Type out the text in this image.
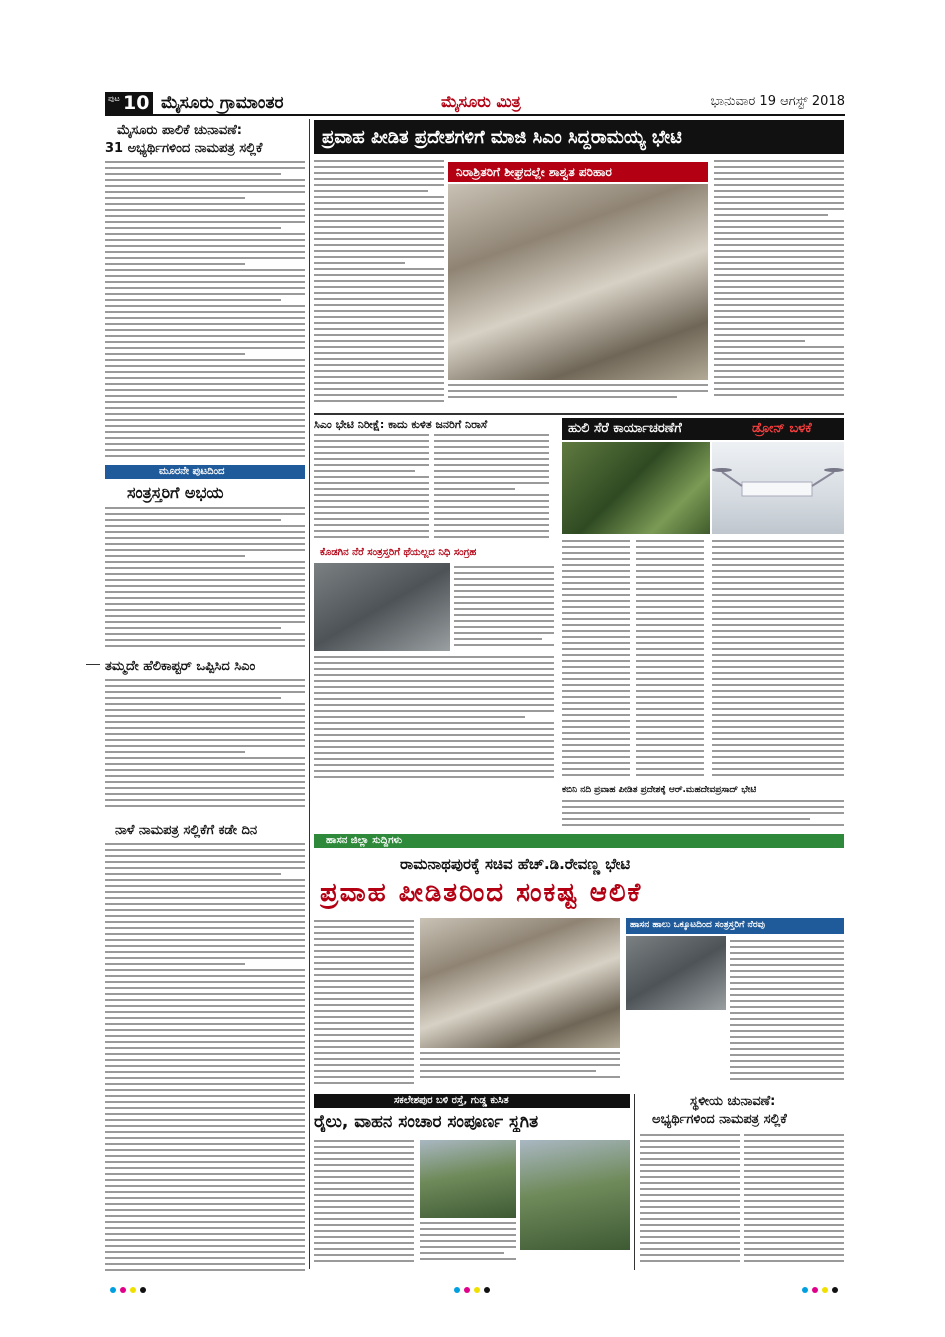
ಪುಟ 10 ಮೈಸೂರು ಗ್ರಾಮಾಂತರ	ಮೈಸೂರು ಮಿತ್ರ	ಭಾನುವಾರ 19 ಆಗಸ್ಟ್ 2018
ಮೈಸೂರು ಪಾಲಿಕೆ ಚುನಾವಣೆ:
31 ಅಭ್ಯರ್ಥಿಗಳಿಂದ ನಾಮಪತ್ರ ಸಲ್ಲಿಕೆ
ಮೂರನೇ ಪುಟದಿಂದ
ಸಂತ್ರಸ್ತರಿಗೆ ಅಭಯ
ತಮ್ಮದೇ ಹೆಲಿಕಾಪ್ಟರ್ ಒಪ್ಪಿಸಿದ ಸಿಎಂ
ನಾಳೆ ನಾಮಪತ್ರ ಸಲ್ಲಿಕೆಗೆ ಕಡೇ ದಿನ
ಪ್ರವಾಹ ಪೀಡಿತ ಪ್ರದೇಶಗಳಿಗೆ ಮಾಜಿ ಸಿಎಂ ಸಿದ್ದರಾಮಯ್ಯ ಭೇಟಿ
ನಿರಾಶ್ರಿತರಿಗೆ ಶೀಘ್ರದಲ್ಲೇ ಶಾಶ್ವತ ಪರಿಹಾರ
ಸಿಎಂ ಭೇಟಿ ನಿರೀಕ್ಷೆ: ಕಾದು ಕುಳಿತ ಜನರಿಗೆ ನಿರಾಸೆ
ಕೊಡಗಿನ ನೆರೆ ಸಂತ್ರಸ್ತರಿಗೆ ಥೆಯಲ್ಲದ ನಿಧಿ ಸಂಗ್ರಹ
ಹುಲಿ ಸೆರೆ ಕಾರ್ಯಾಚರಣೆಗೆ	ಡ್ರೋನ್ ಬಳಕೆ
ಕಬಿನಿ ನದಿ ಪ್ರವಾಹ ಪೀಡಿತ ಪ್ರದೇಶಕ್ಕೆ ಆರ್.ಮಹದೇವಪ್ರಸಾದ್ ಭೇಟಿ
ಹಾಸನ ಜಿಲ್ಲಾ ಸುದ್ದಿಗಳು
ರಾಮನಾಥಪುರಕ್ಕೆ ಸಚಿವ ಹೆಚ್.ಡಿ.ರೇವಣ್ಣ ಭೇಟಿ
ಪ್ರವಾಹ ಪೀಡಿತರಿಂದ ಸಂಕಷ್ಟ ಆಲಿಕೆ
ಹಾಸನ ಹಾಲು ಒಕ್ಕೂಟದಿಂದ ಸಂತ್ರಸ್ತರಿಗೆ ನೆರವು
ಸಕಲೇಶಪುರ ಬಳಿ ರಸ್ತೆ, ಗುಡ್ಡ ಕುಸಿತ
ರೈಲು, ವಾಹನ ಸಂಚಾರ ಸಂಪೂರ್ಣ ಸ್ಥಗಿತ
ಸ್ಥಳೀಯ ಚುನಾವಣೆ:
ಅಭ್ಯರ್ಥಿಗಳಿಂದ ನಾಮಪತ್ರ ಸಲ್ಲಿಕೆ
